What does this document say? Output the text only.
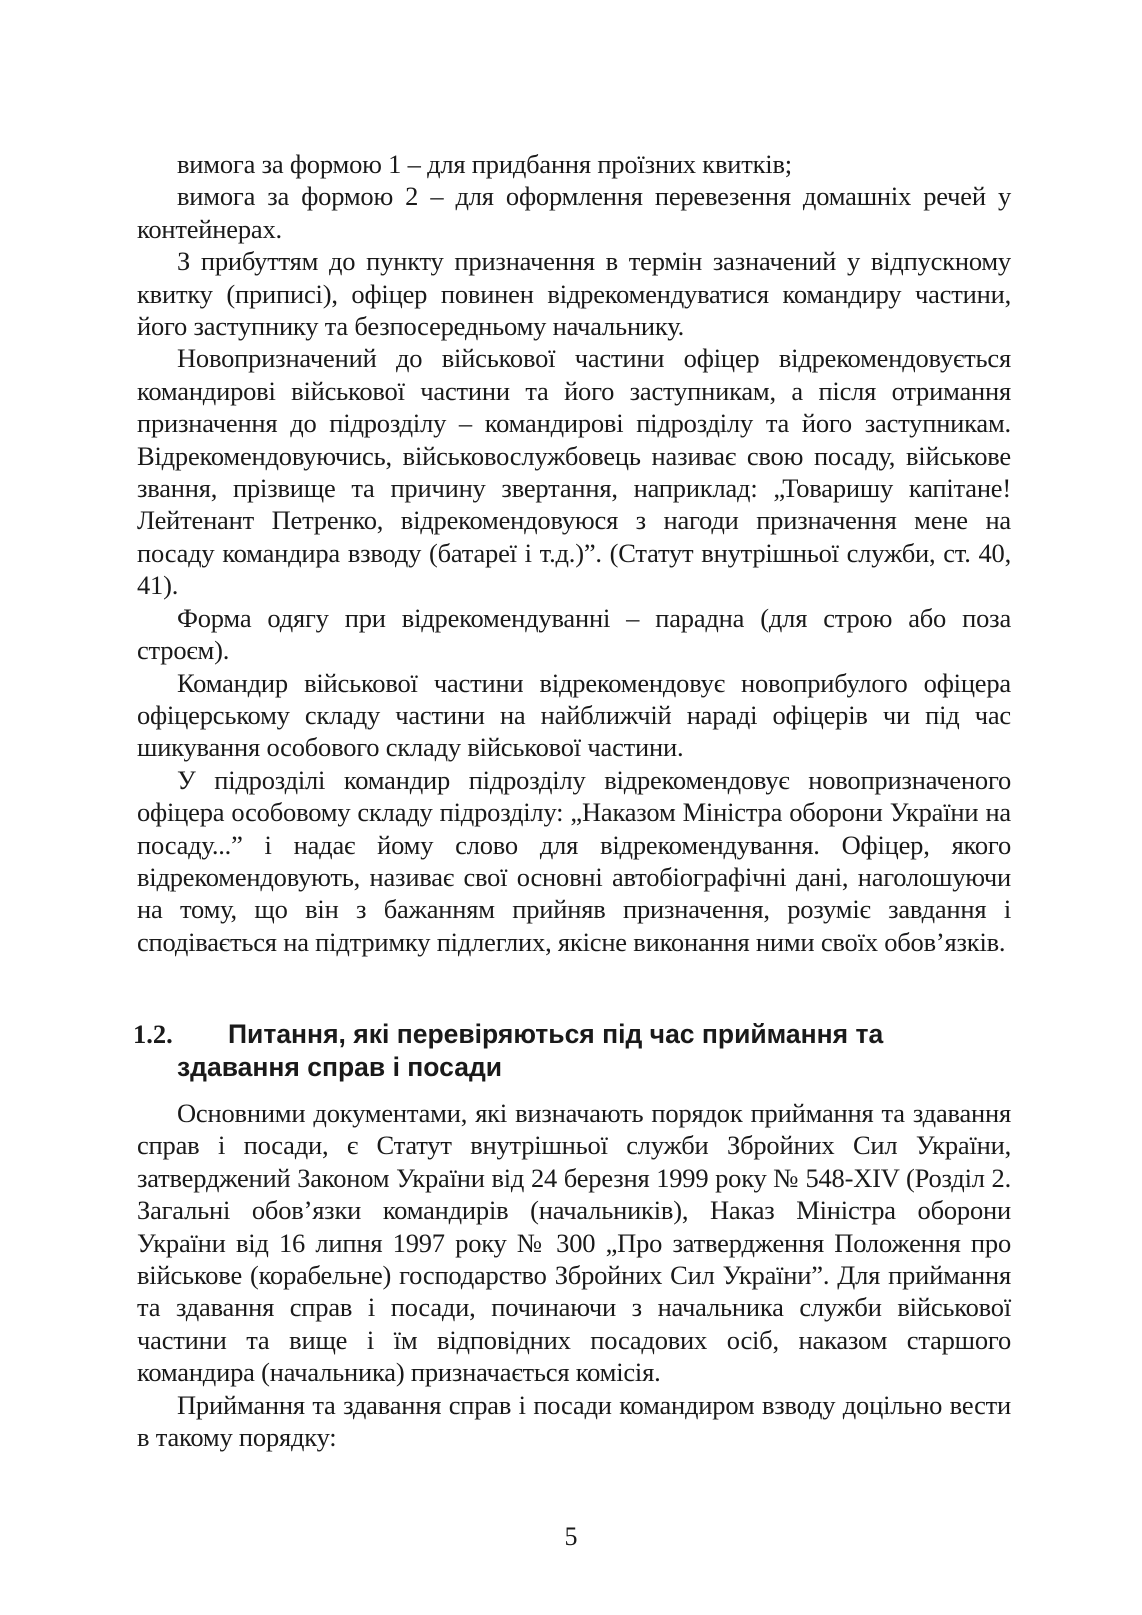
вимога за формою 1 – для придбання проїзних квитків;

вимога за формою 2 – для оформлення перевезення домашніх речей у контейнерах.

З прибуттям до пункту призначення в термін зазначений у відпускному квитку (приписі), офіцер повинен відрекомендуватися командиру частини, його заступнику та безпосередньому начальнику.

Новопризначений до військової частини офіцер відрекомендовується командирові військової частини та його заступникам, а після отримання призначення до підрозділу – командирові підрозділу та його заступникам. Відрекомендовуючись, військовослужбовець називає свою посаду, військове звання, прізвище та причину звертання, наприклад: „Товаришу капітане! Лейтенант Петренко, відрекомендовуюся з нагоди призначення мене на посаду командира взводу (батареї і т.д.)”. (Статут внутрішньої служби, ст. 40, 41).

Форма одягу при відрекомендуванні – парадна (для строю або поза строєм).

Командир військової частини відрекомендовує новоприбулого офіцера офіцерському складу частини на найближчій нараді офіцерів чи під час шикування особового складу військової частини.

У підрозділі командир підрозділу відрекомендовує новопризначеного офіцера особовому складу підрозділу: „Наказом Міністра оборони України на посаду...” і надає йому слово для відрекомендування. Офіцер, якого відрекомендовують, називає свої основні автобіографічні дані, наголошуючи на тому, що він з бажанням прийняв призначення, розуміє завдання і сподівається на підтримку підлеглих, якісне виконання ними своїх обов’язків.

1.2.	Питання, які перевіряються під час приймання та
здавання справ і посади

Основними документами, які визначають порядок приймання та здавання справ і посади, є Статут внутрішньої служби Збройних Сил України, затверджений Законом України від 24 березня 1999 року № 548-XIV (Розділ 2. Загальні обов’язки командирів (начальників), Наказ Міністра оборони України від 16 липня 1997 року № 300 „Про затвердження Положення про військове (корабельне) господарство Збройних Сил України”. Для приймання та здавання справ і посади, починаючи з начальника служби військової частини та вище і їм відповідних посадових осіб, наказом старшого командира (начальника) призначається комісія.

Приймання та здавання справ і посади командиром взводу доцільно вести в такому порядку:

5
